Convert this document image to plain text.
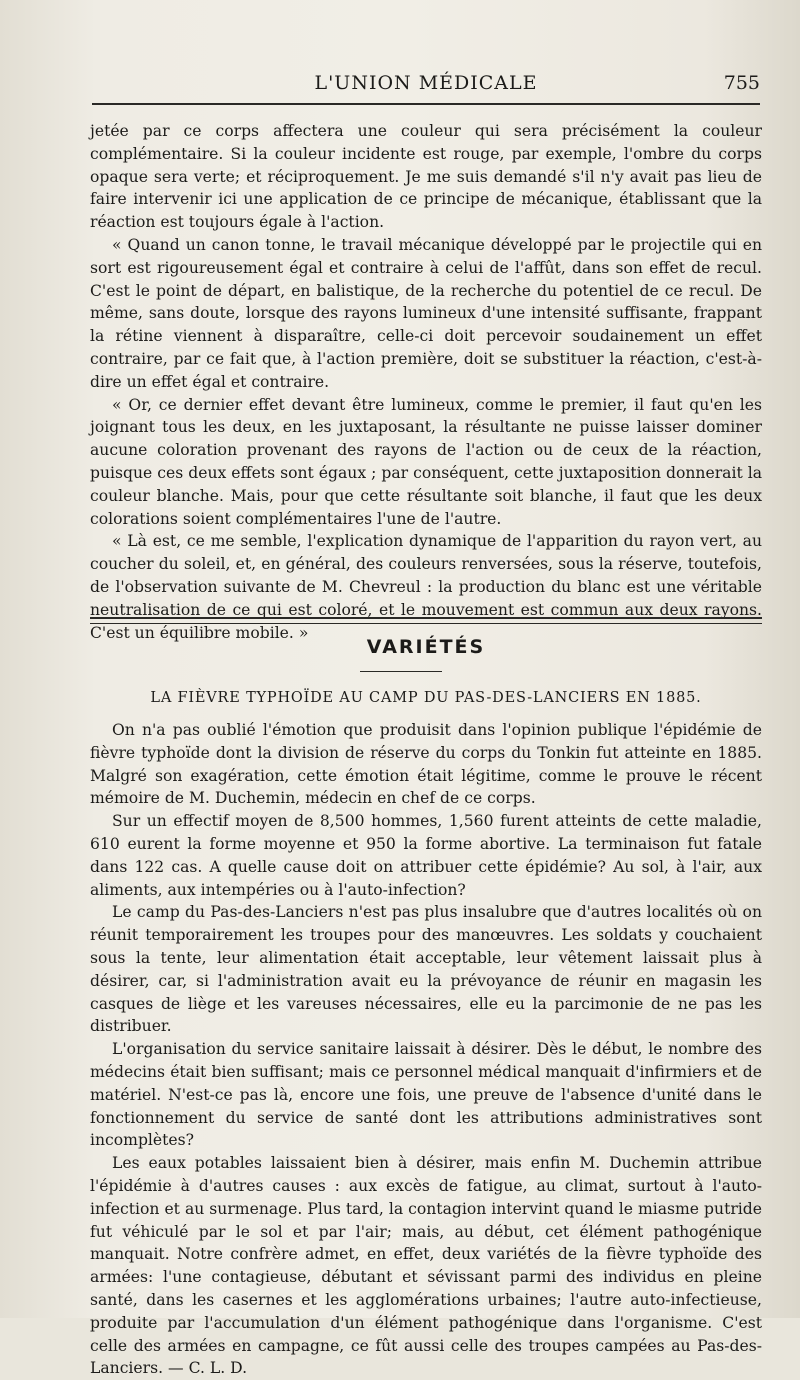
L'UNION MÉDICALE	755

jetée par ce corps affectera une couleur qui sera précisément la couleur complémentaire. Si la couleur incidente est rouge, par exemple, l'ombre du corps opaque sera verte; et réciproquement. Je me suis demandé s'il n'y avait pas lieu de faire intervenir ici une application de ce principe de mécanique, établissant que la réaction est toujours égale à l'action.

« Quand un canon tonne, le travail mécanique développé par le projectile qui en sort est rigoureusement égal et contraire à celui de l'affût, dans son effet de recul. C'est le point de départ, en balistique, de la recherche du potentiel de ce recul. De même, sans doute, lorsque des rayons lumineux d'une intensité suffisante, frappant la rétine viennent à disparaître, celle-ci doit percevoir soudainement un effet contraire, par ce fait que, à l'action première, doit se substituer la réaction, c'est-à-dire un effet égal et contraire.

« Or, ce dernier effet devant être lumineux, comme le premier, il faut qu'en les joignant tous les deux, en les juxtaposant, la résultante ne puisse laisser dominer aucune coloration provenant des rayons de l'action ou de ceux de la réaction, puisque ces deux effets sont égaux ; par conséquent, cette juxtaposition donnerait la couleur blanche. Mais, pour que cette résultante soit blanche, il faut que les deux colorations soient complémentaires l'une de l'autre.

« Là est, ce me semble, l'explication dynamique de l'apparition du rayon vert, au coucher du soleil, et, en général, des couleurs renversées, sous la réserve, toutefois, de l'observation suivante de M. Chevreul : la production du blanc est une véritable neutralisation de ce qui est coloré, et le mouvement est commun aux deux rayons. C'est un équilibre mobile. »

VARIÉTÉS
LA FIÈVRE TYPHOÏDE AU CAMP DU PAS-DES-LANCIERS EN 1885.

On n'a pas oublié l'émotion que produisit dans l'opinion publique l'épidémie de fièvre typhoïde dont la division de réserve du corps du Tonkin fut atteinte en 1885. Malgré son exagération, cette émotion était légitime, comme le prouve le récent mémoire de M. Duchemin, médecin en chef de ce corps.

Sur un effectif moyen de 8,500 hommes, 1,560 furent atteints de cette maladie, 610 eurent la forme moyenne et 950 la forme abortive. La terminaison fut fatale dans 122 cas. A quelle cause doit on attribuer cette épidémie? Au sol, à l'air, aux aliments, aux intempéries ou à l'auto-infection?

Le camp du Pas-des-Lanciers n'est pas plus insalubre que d'autres localités où on réunit temporairement les troupes pour des manœuvres. Les soldats y couchaient sous la tente, leur alimentation était acceptable, leur vêtement laissait plus à désirer, car, si l'administration avait eu la prévoyance de réunir en magasin les casques de liège et les vareuses nécessaires, elle eu la parcimonie de ne pas les distribuer.

L'organisation du service sanitaire laissait à désirer. Dès le début, le nombre des médecins était bien suffisant; mais ce personnel médical manquait d'infirmiers et de matériel. N'est-ce pas là, encore une fois, une preuve de l'absence d'unité dans le fonctionnement du service de santé dont les attributions administratives sont incomplètes?

Les eaux potables laissaient bien à désirer, mais enfin M. Duchemin attribue l'épidémie à d'autres causes : aux excès de fatigue, au climat, surtout à l'auto-infection et au surmenage. Plus tard, la contagion intervint quand le miasme putride fut véhiculé par le sol et par l'air; mais, au début, cet élément pathogénique manquait. Notre confrère admet, en effet, deux variétés de la fièvre typhoïde des armées: l'une contagieuse, débutant et sévissant parmi des individus en pleine santé, dans les casernes et les agglomérations urbaines; l'autre auto-infectieuse, produite par l'accumulation d'un élément pathogénique dans l'organisme. C'est celle des armées en campagne, ce fût aussi celle des troupes campées au Pas-des-Lanciers. — C. L. D.
